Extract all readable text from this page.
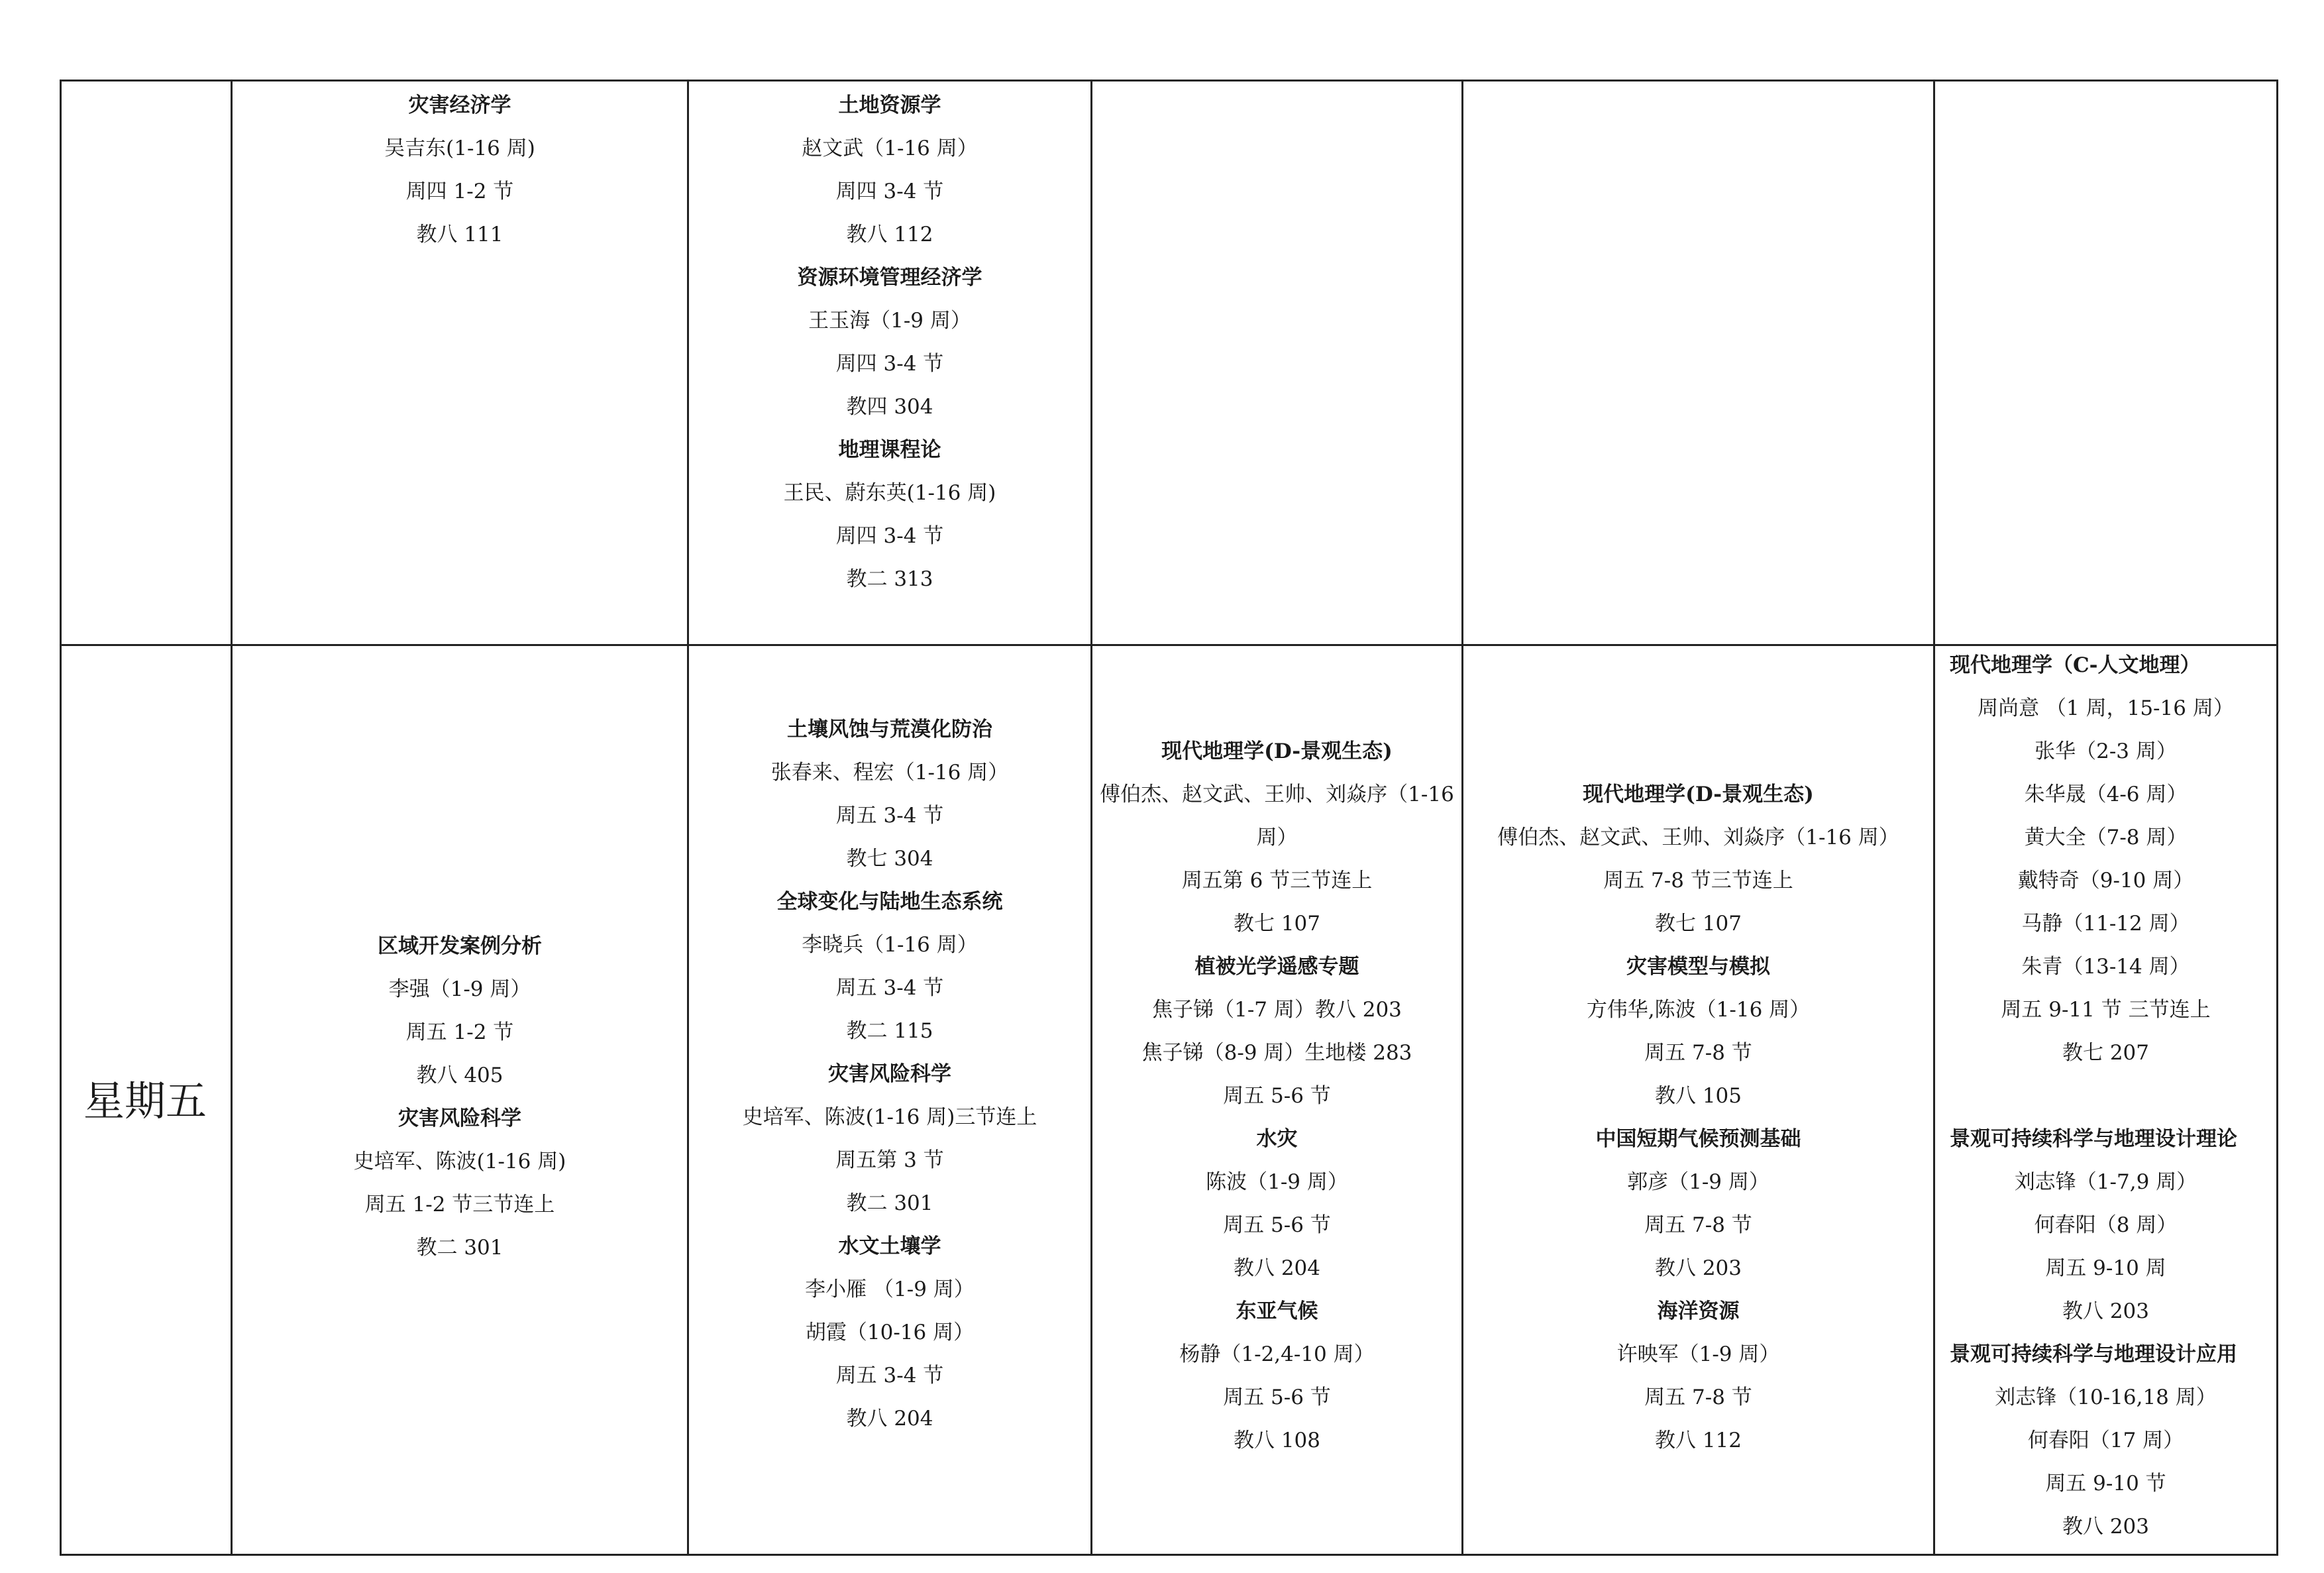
灾害经济学
吴吉东(1-16 周)
周四 1-2 节
教八 111
土地资源学
赵文武（1-16 周）
周四 3-4 节
教八 112
资源环境管理经济学
王玉海（1-9 周）
周四 3-4 节
教四 304
地理课程论
王民、蔚东英(1-16 周)
周四 3-4 节
教二 313
星期五
区域开发案例分析
李强（1-9 周）
周五 1-2 节
教八 405
灾害风险科学
史培军、陈波(1-16 周)
周五 1-2 节三节连上
教二 301
土壤风蚀与荒漠化防治
张春来、程宏（1-16 周）
周五 3-4 节
教七 304
全球变化与陆地生态系统
李晓兵（1-16 周）
周五 3-4 节
教二 115
灾害风险科学
史培军、陈波(1-16 周)三节连上
周五第 3 节
教二 301
水文土壤学
李小雁 （1-9 周）
胡霞（10-16 周）
周五 3-4 节
教八 204
现代地理学(D-景观生态)
傅伯杰、赵文武、王帅、刘焱序（1-16
周）
周五第 6 节三节连上
教七 107
植被光学遥感专题
焦子锑（1-7 周）教八 203
焦子锑（8-9 周）生地楼 283
周五 5-6 节
水灾
陈波（1-9 周）
周五 5-6 节
教八 204
东亚气候
杨静（1-2,4-10 周）
周五 5-6 节
教八 108
现代地理学(D-景观生态)
傅伯杰、赵文武、王帅、刘焱序（1-16 周）
周五 7-8 节三节连上
教七 107
灾害模型与模拟
方伟华,陈波（1-16 周）
周五 7-8 节
教八 105
中国短期气候预测基础
郭彦（1-9 周）
周五 7-8 节
教八 203
海洋资源
许映军（1-9 周）
周五 7-8 节
教八 112
现代地理学（C-人文地理）
周尚意 （1 周，15-16 周）
张华（2-3 周）
朱华晟（4-6 周）
黄大全（7-8 周）
戴特奇（9-10 周）
马静（11-12 周）
朱青（13-14 周）
周五 9-11 节 三节连上
教七 207
景观可持续科学与地理设计理论
刘志锋（1-7,9 周）
何春阳（8 周）
周五 9-10 周
教八 203
景观可持续科学与地理设计应用
刘志锋（10-16,18 周）
何春阳（17 周）
周五 9-10 节
教八 203
